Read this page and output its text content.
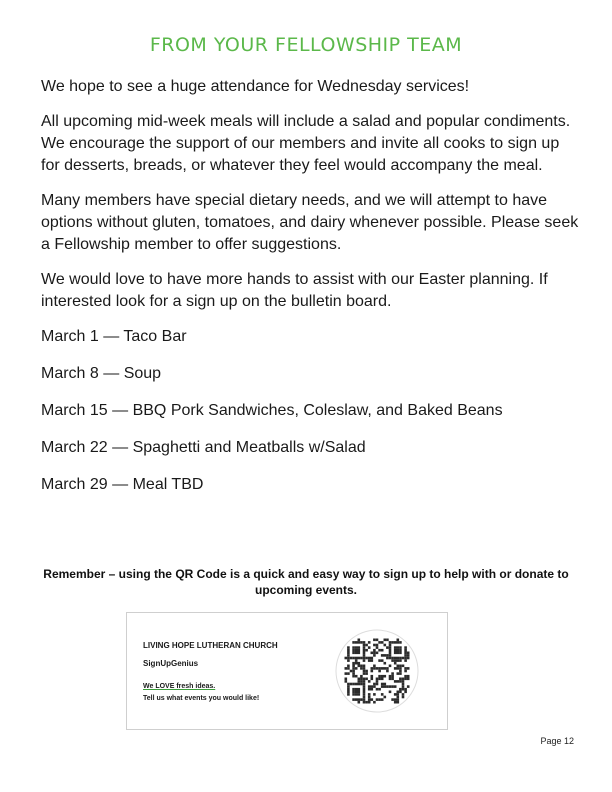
FROM YOUR FELLOWSHIP TEAM

We hope to see a huge attendance for Wednesday services!

All upcoming mid-week meals will include a salad and popular condiments. We encourage the support of our members and invite all cooks to sign up for desserts, breads, or whatever they feel would accompany the meal.

Many members have special dietary needs, and we will attempt to have options without gluten, tomatoes, and dairy whenever possible. Please seek a Fellowship member to offer suggestions.

We would love to have more hands to assist with our Easter planning. If interested look for a sign up on the bulletin board.

March 1 — Taco Bar
March 8 — Soup
March 15 — BBQ Pork Sandwiches, Coleslaw, and Baked Beans
March 22 — Spaghetti and Meatballs w/Salad
March 29 — Meal TBD
Remember – using the QR Code is a quick and easy way to sign up to help with or donate to upcoming events.
LIVING HOPE LUTHERAN CHURCH
SignUpGenius
We LOVE fresh ideas.
Tell us what events you would like!
Page 12
